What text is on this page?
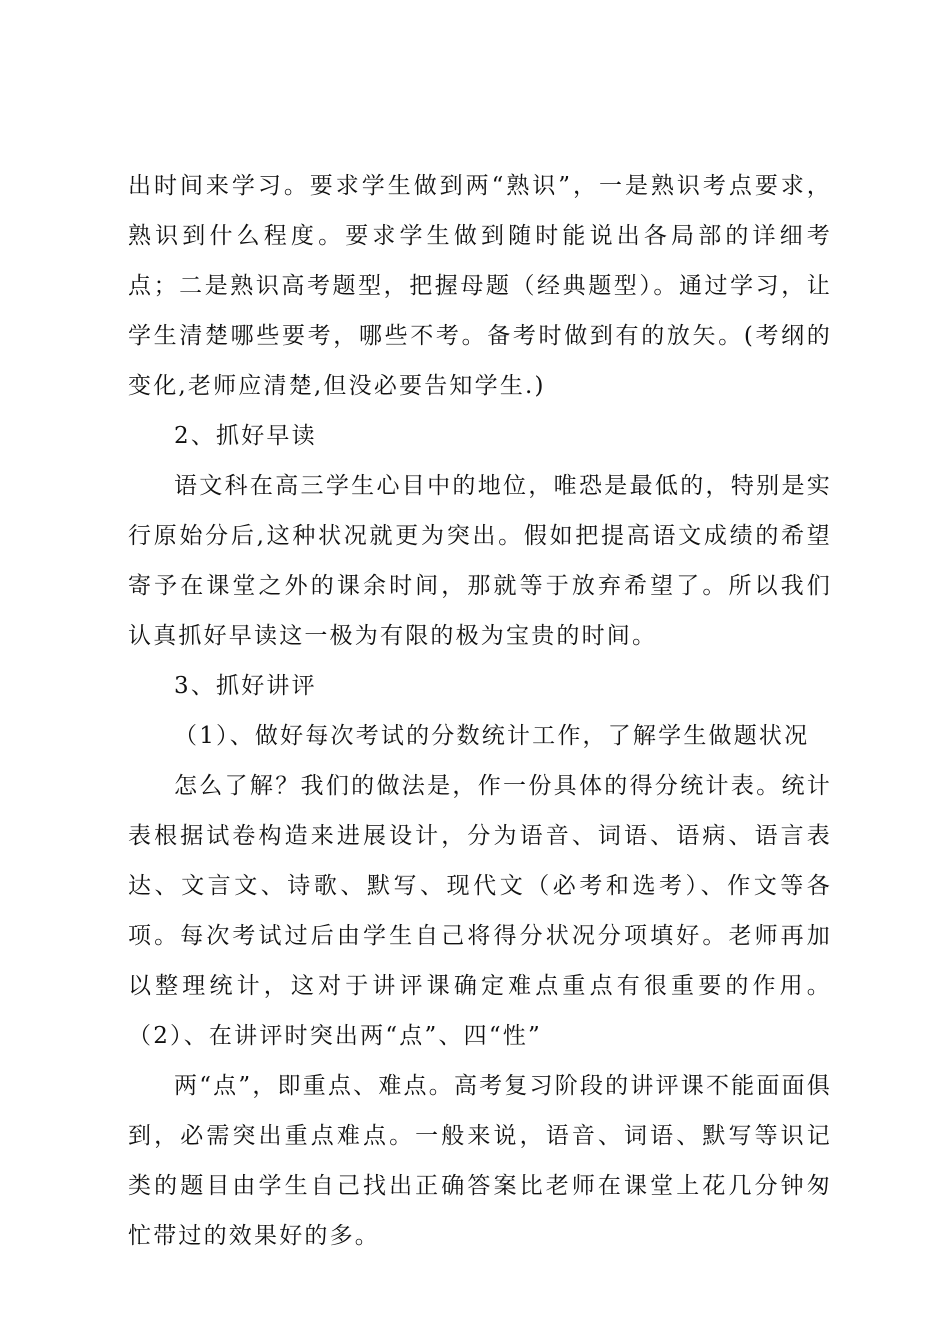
出时间来学习。要求学生做到两“熟识”，一是熟识考点要求，熟识到什么程度。要求学生做到随时能说出各局部的详细考点；二是熟识高考题型，把握母题（经典题型）。通过学习，让学生清楚哪些要考，哪些不考。备考时做到有的放矢。(考纲的变化,老师应清楚,但没必要告知学生.)

2、抓好早读

语文科在高三学生心目中的地位，唯恐是最低的，特别是实行原始分后,这种状况就更为突出。假如把提高语文成绩的希望寄予在课堂之外的课余时间，那就等于放弃希望了。所以我们认真抓好早读这一极为有限的极为宝贵的时间。

3、抓好讲评

（1）、做好每次考试的分数统计工作，了解学生做题状况

怎么了解？我们的做法是，作一份具体的得分统计表。统计表根据试卷构造来进展设计，分为语音、词语、语病、语言表达、文言文、诗歌、默写、现代文（必考和选考）、作文等各项。每次考试过后由学生自己将得分状况分项填好。老师再加以整理统计，这对于讲评课确定难点重点有很重要的作用。（2）、在讲评时突出两“点”、四“性”

两“点”，即重点、难点。高考复习阶段的讲评课不能面面俱到，必需突出重点难点。一般来说，语音、词语、默写等识记类的题目由学生自己找出正确答案比老师在课堂上花几分钟匆忙带过的效果好的多。
